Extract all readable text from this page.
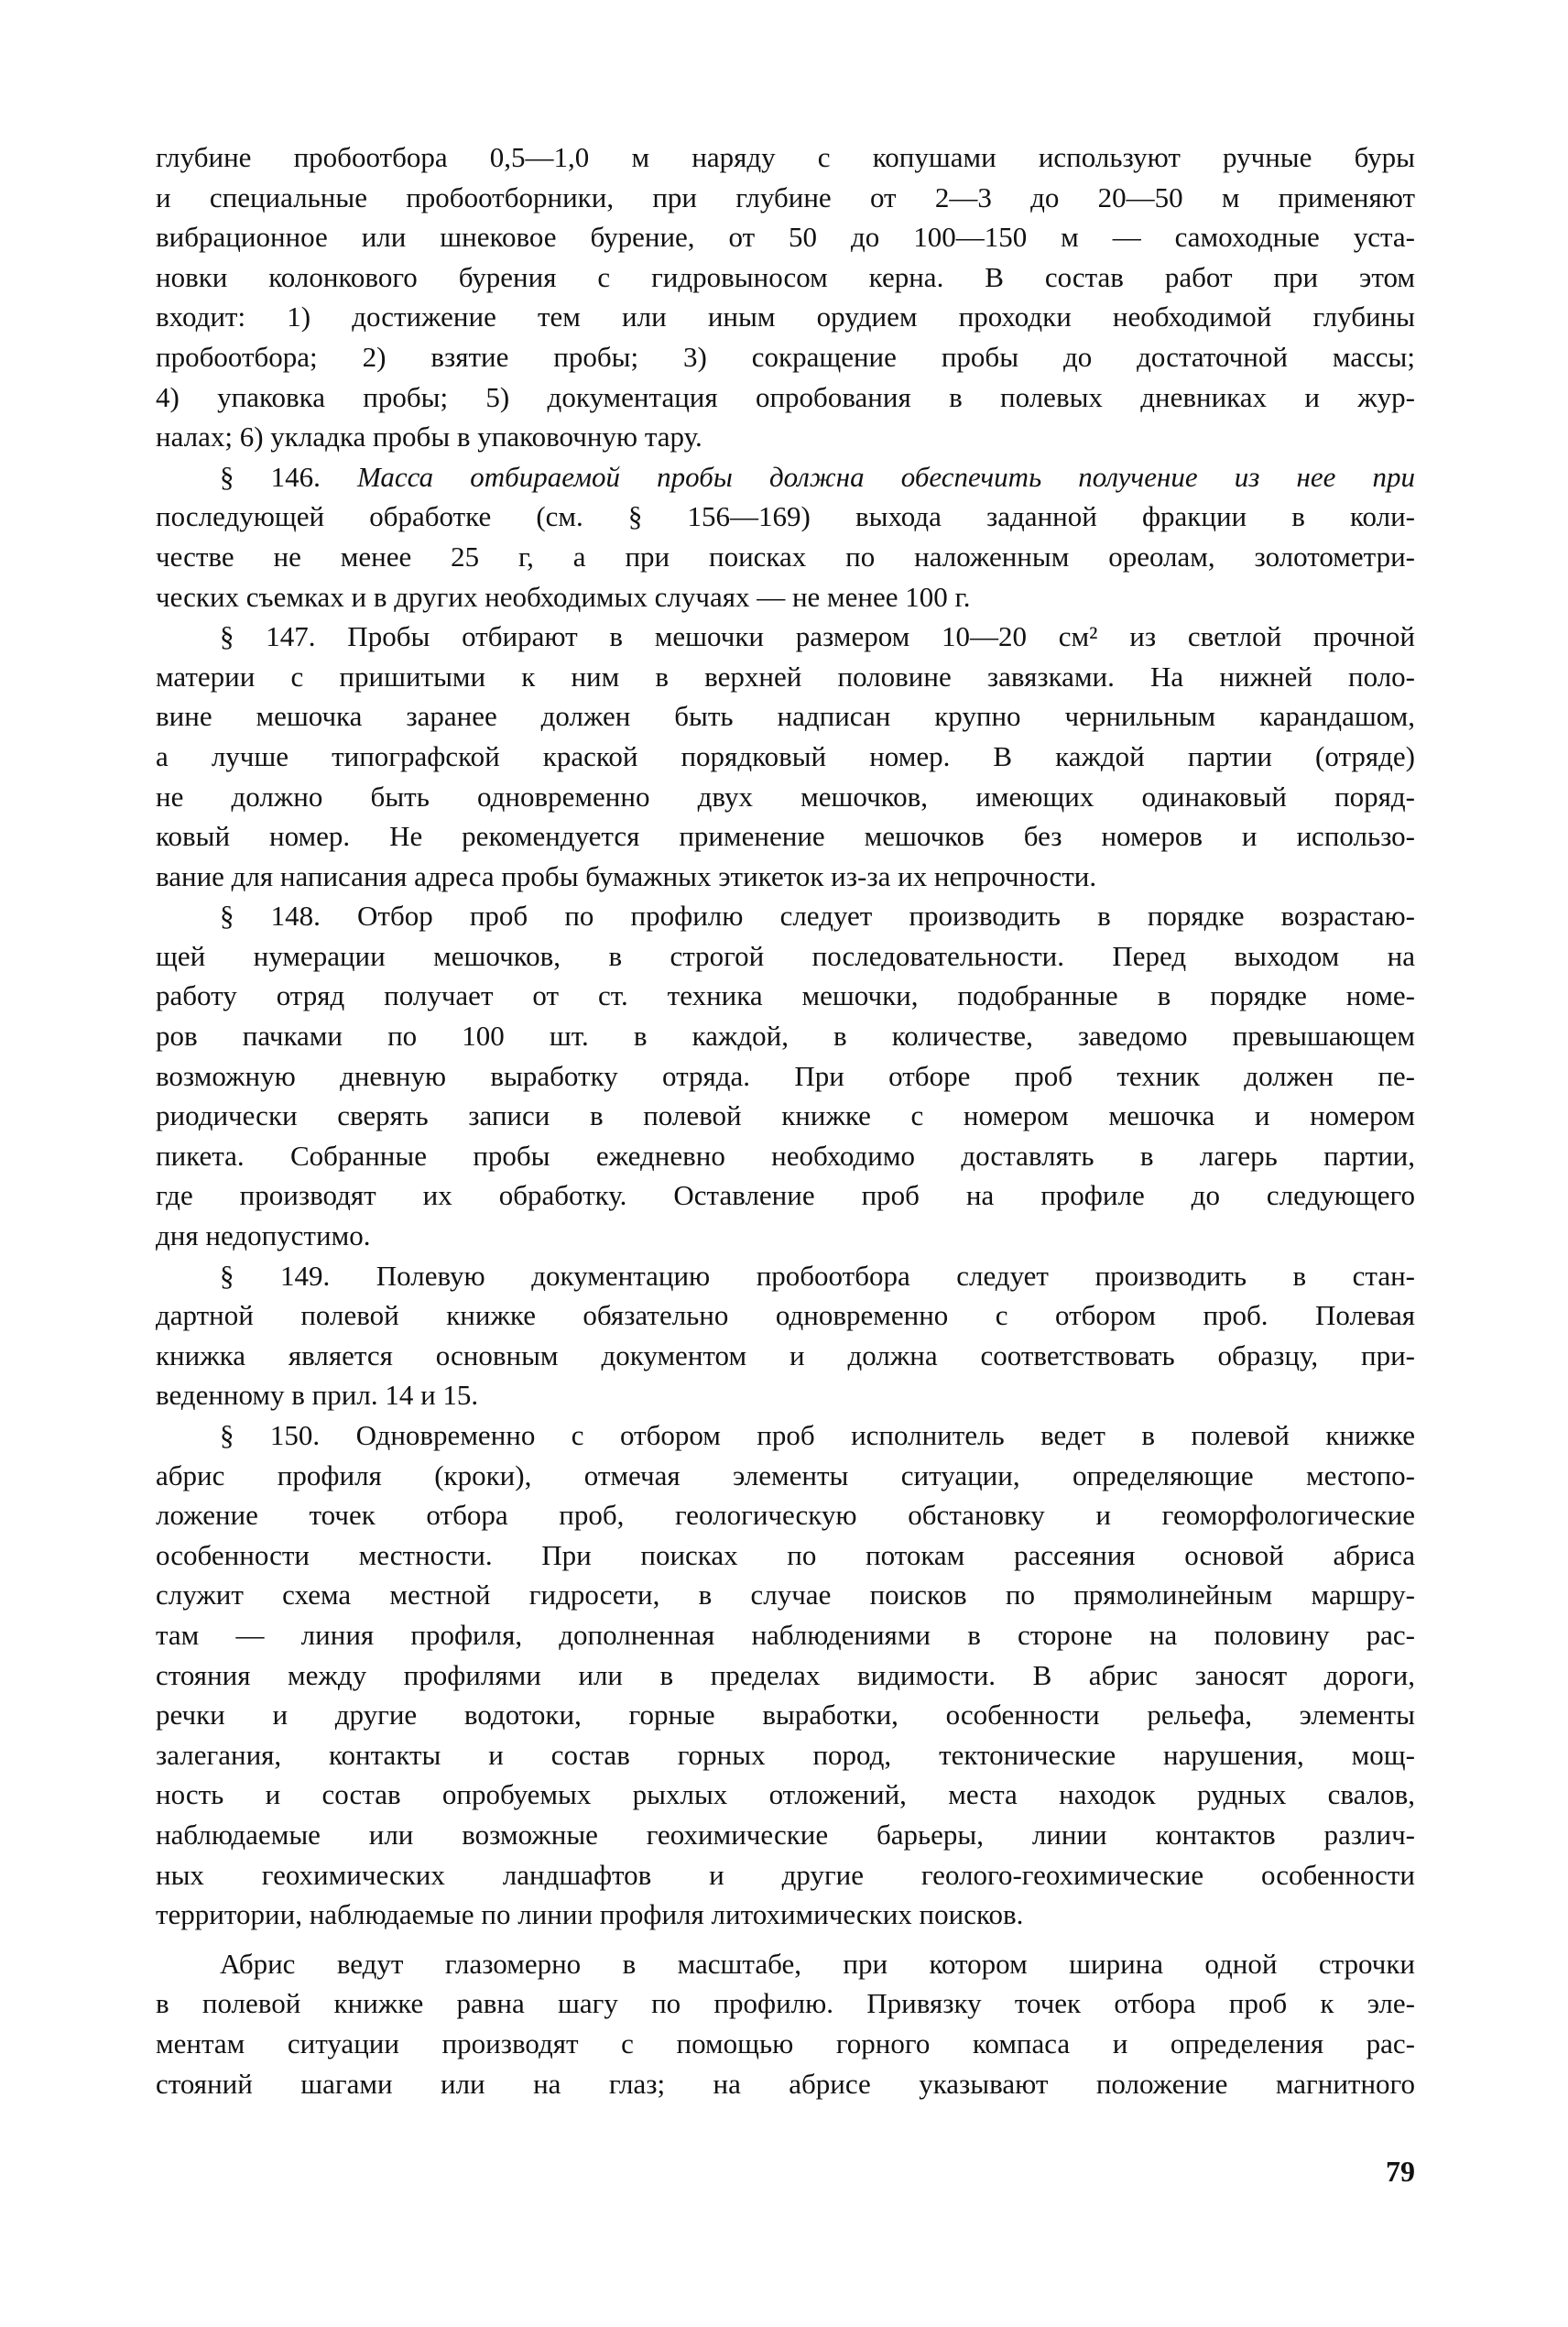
глубине пробоотбора 0,5—1,0 м наряду с копушами используют ручные буры
и специальные пробоотборники, при глубине от 2—3 до 20—50 м применяют
вибрационное или шнековое бурение, от 50 до 100—150 м — самоходные уста-
новки колонкового бурения с гидровыносом керна. В состав работ при этом
входит: 1) достижение тем или иным орудием проходки необходимой глубины
пробоотбора; 2) взятие пробы; 3) сокращение пробы до достаточной массы;
4) упаковка пробы; 5) документация опробования в полевых дневниках и жур-
налах; 6) укладка пробы в упаковочную тару.
§ 146. Масса отбираемой пробы должна обеспечить получение из нее при
последующей обработке (см. § 156—169) выхода заданной фракции в коли-
честве не менее 25 г, а при поисках по наложенным ореолам, золотометри-
ческих съемках и в других необходимых случаях — не менее 100 г.
§ 147. Пробы отбирают в мешочки размером 10—20 см² из светлой прочной
материи с пришитыми к ним в верхней половине завязками. На нижней поло-
вине мешочка заранее должен быть надписан крупно чернильным карандашом,
а лучше типографской краской порядковый номер. В каждой партии (отряде)
не должно быть одновременно двух мешочков, имеющих одинаковый поряд-
ковый номер. Не рекомендуется применение мешочков без номеров и использо-
вание для написания адреса пробы бумажных этикеток из-за их непрочности.
§ 148. Отбор проб по профилю следует производить в порядке возрастаю-
щей нумерации мешочков, в строгой последовательности. Перед выходом на
работу отряд получает от ст. техника мешочки, подобранные в порядке номе-
ров пачками по 100 шт. в каждой, в количестве, заведомо превышающем
возможную дневную выработку отряда. При отборе проб техник должен пе-
риодически сверять записи в полевой книжке с номером мешочка и номером
пикета. Собранные пробы ежедневно необходимо доставлять в лагерь партии,
где производят их обработку. Оставление проб на профиле до следующего
дня недопустимо.
§ 149. Полевую документацию пробоотбора следует производить в стан-
дартной полевой книжке обязательно одновременно с отбором проб. Полевая
книжка является основным документом и должна соответствовать образцу, при-
веденному в прил. 14 и 15.
§ 150. Одновременно с отбором проб исполнитель ведет в полевой книжке
абрис профиля (кроки), отмечая элементы ситуации, определяющие местопо-
ложение точек отбора проб, геологическую обстановку и геоморфологические
особенности местности. При поисках по потокам рассеяния основой абриса
служит схема местной гидросети, в случае поисков по прямолинейным маршру-
там — линия профиля, дополненная наблюдениями в стороне на половину рас-
стояния между профилями или в пределах видимости. В абрис заносят дороги,
речки и другие водотоки, горные выработки, особенности рельефа, элементы
залегания, контакты и состав горных пород, тектонические нарушения, мощ-
ность и состав опробуемых рыхлых отложений, места находок рудных свалов,
наблюдаемые или возможные геохимические барьеры, линии контактов различ-
ных геохимических ландшафтов и другие геолого-геохимические особенности
территории, наблюдаемые по линии профиля литохимических поисков.
Абрис ведут глазомерно в масштабе, при котором ширина одной строчки
в полевой книжке равна шагу по профилю. Привязку точек отбора проб к эле-
ментам ситуации производят с помощью горного компаса и определения рас-
стояний шагами или на глаз; на абрисе указывают положение магнитного
79
